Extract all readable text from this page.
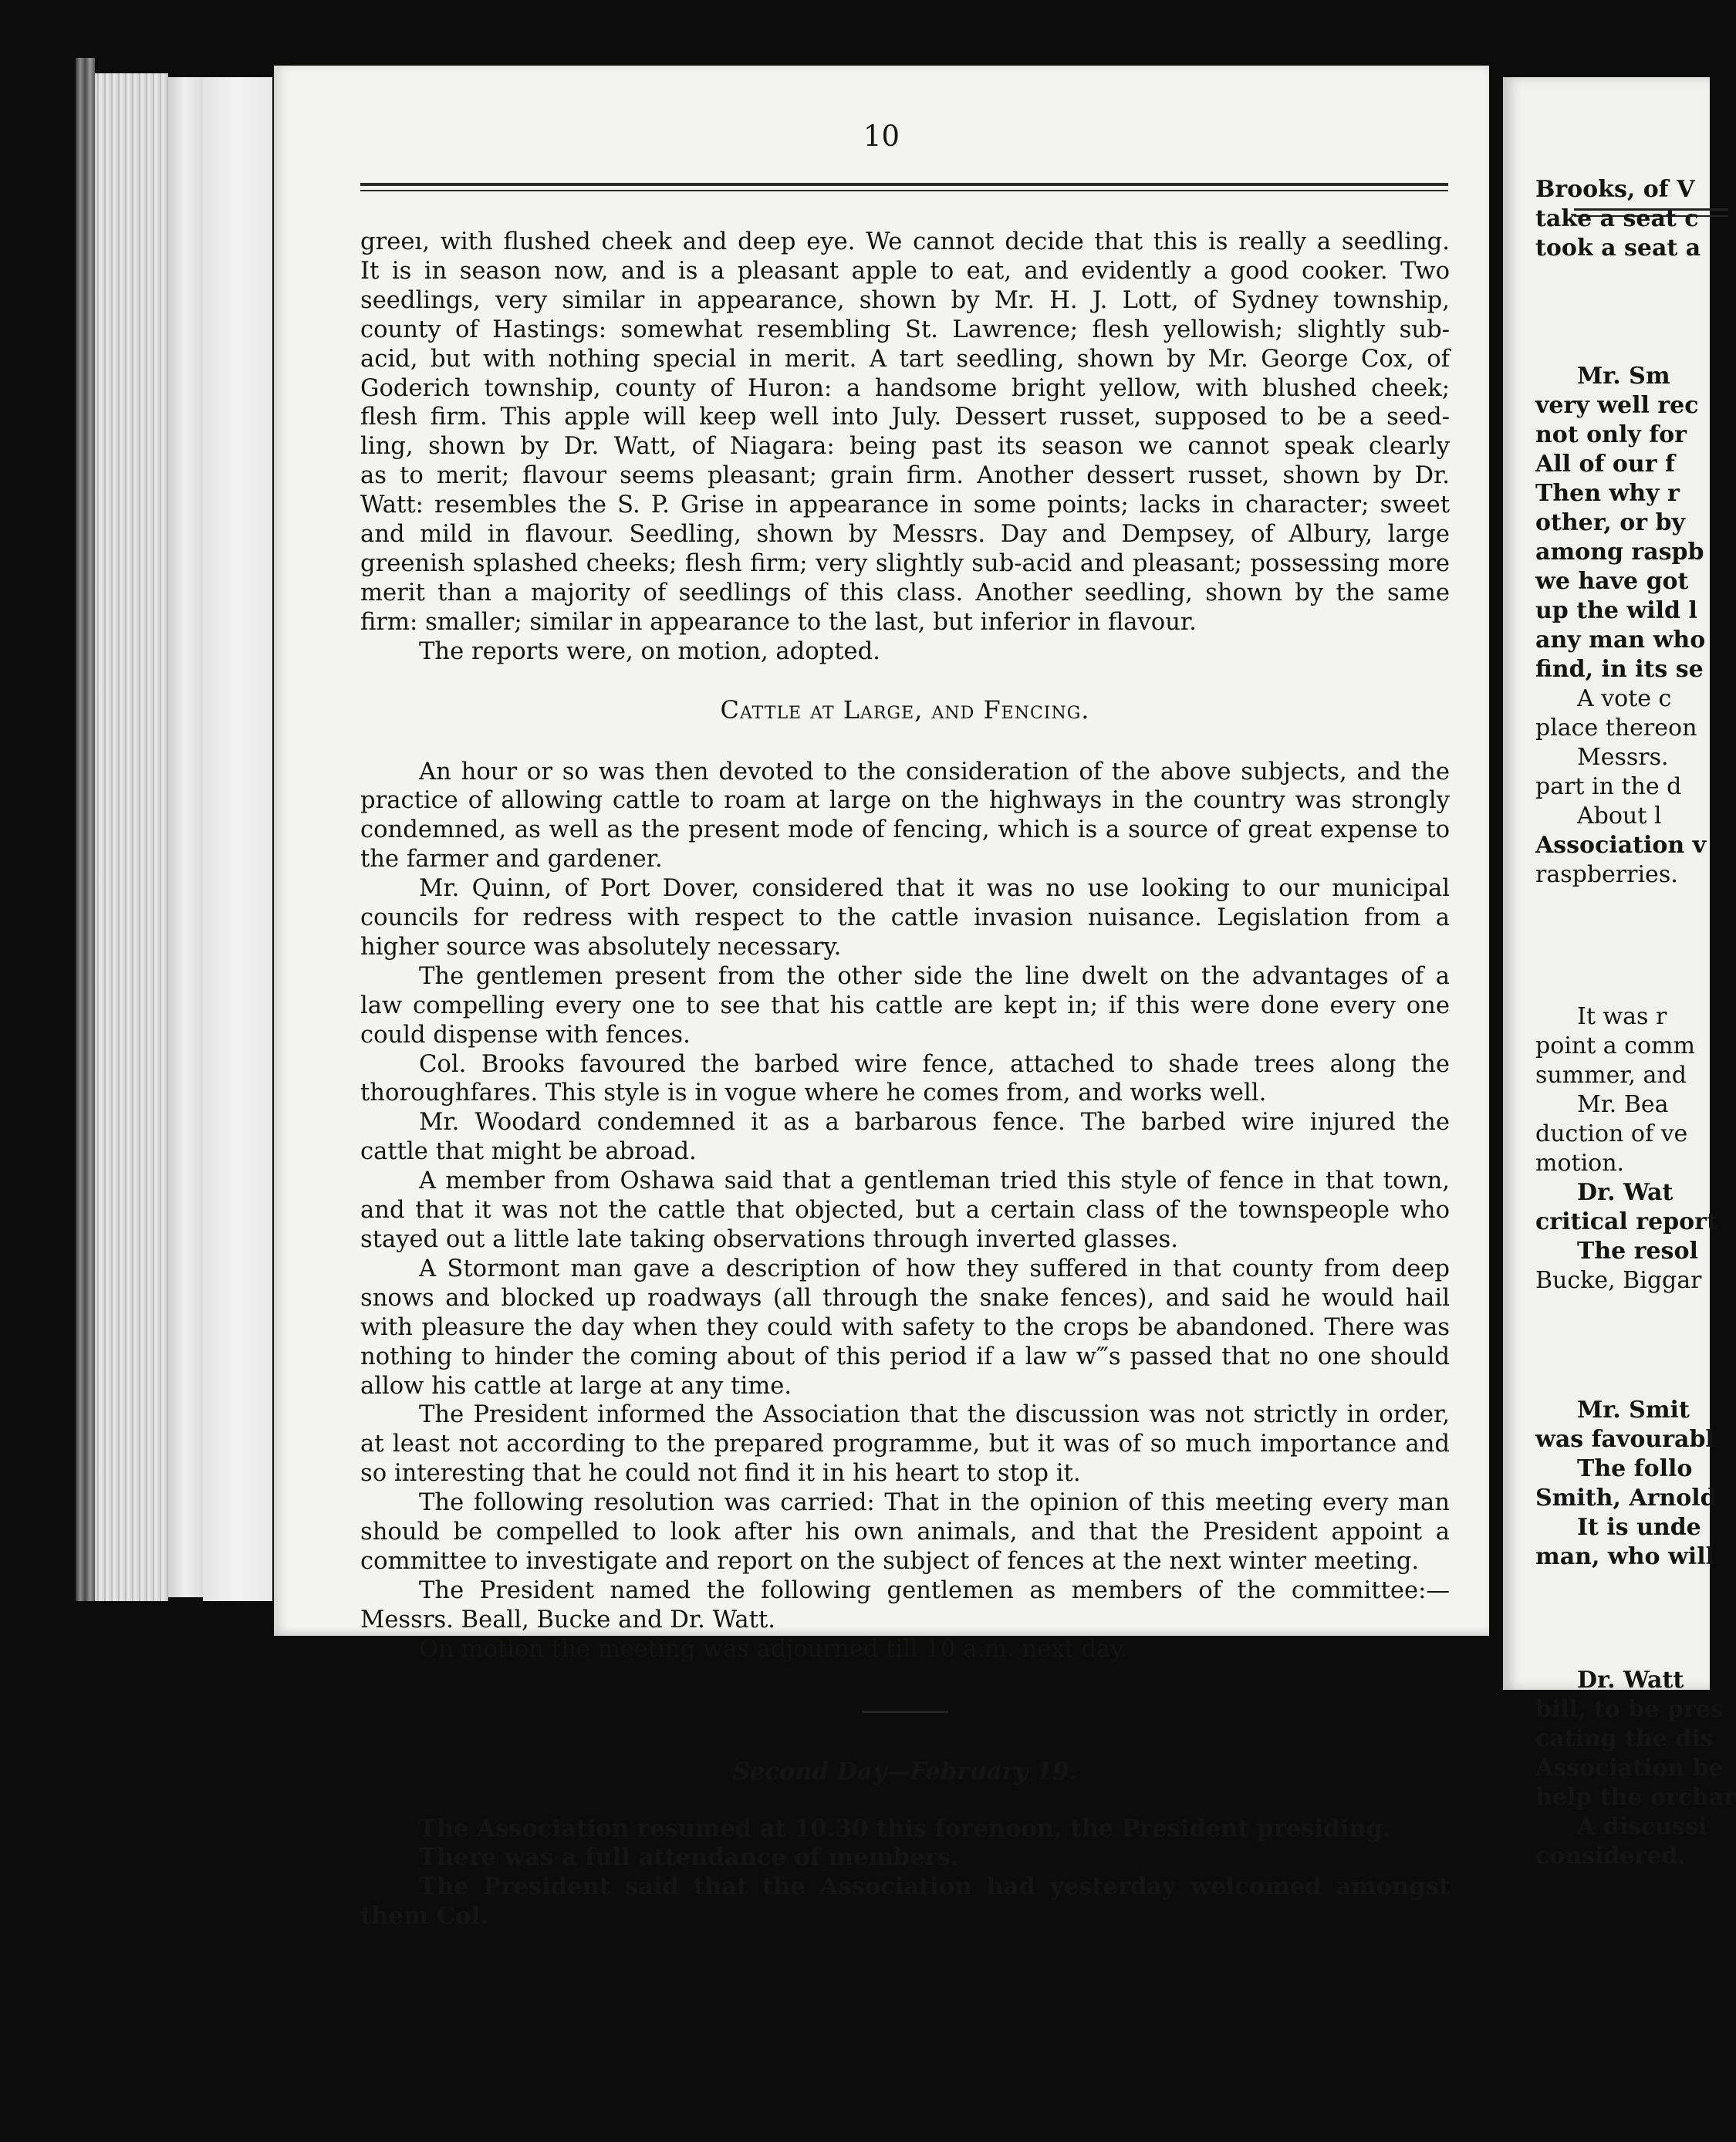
10

greeı, with flushed cheek and deep eye. We cannot decide that this is really a seedling.

It is in season now, and is a pleasant apple to eat, and evidently a good cooker. Two

seedlings, very similar in appearance, shown by Mr. H. J. Lott, of Sydney township,

county of Hastings: somewhat resembling St. Lawrence; flesh yellowish; slightly sub-

acid, but with nothing special in merit. A tart seedling, shown by Mr. George Cox, of

Goderich township, county of Huron: a handsome bright yellow, with blushed cheek;

flesh firm. This apple will keep well into July. Dessert russet, supposed to be a seed-

ling, shown by Dr. Watt, of Niagara: being past its season we cannot speak clearly

as to merit; flavour seems pleasant; grain firm. Another dessert russet, shown by Dr.

Watt: resembles the S. P. Grise in appearance in some points; lacks in character; sweet

and mild in flavour. Seedling, shown by Messrs. Day and Dempsey, of Albury, large

greenish splashed cheeks; flesh firm; very slightly sub-acid and pleasant; possessing more

merit than a majority of seedlings of this class. Another seedling, shown by the same

firm: smaller; similar in appearance to the last, but inferior in flavour.

The reports were, on motion, adopted.

Cattle at Large, and Fencing.

An hour or so was then devoted to the consideration of the above subjects, and the

practice of allowing cattle to roam at large on the highways in the country was strongly

condemned, as well as the present mode of fencing, which is a source of great expense to

the farmer and gardener.

Mr. Quinn, of Port Dover, considered that it was no use looking to our municipal

councils for redress with respect to the cattle invasion nuisance. Legislation from a

higher source was absolutely necessary.

The gentlemen present from the other side the line dwelt on the advantages of a

law compelling every one to see that his cattle are kept in; if this were done every one

could dispense with fences.

Col. Brooks favoured the barbed wire fence, attached to shade trees along the

thoroughfares. This style is in vogue where he comes from, and works well.

Mr. Woodard condemned it as a barbarous fence. The barbed wire injured the

cattle that might be abroad.

A member from Oshawa said that a gentleman tried this style of fence in that town,

and that it was not the cattle that objected, but a certain class of the townspeople who

stayed out a little late taking observations through inverted glasses.

A Stormont man gave a description of how they suffered in that county from deep

snows and blocked up roadways (all through the snake fences), and said he would hail

with pleasure the day when they could with safety to the crops be abandoned. There was

nothing to hinder the coming about of this period if a law w‴s passed that no one should

allow his cattle at large at any time.

The President informed the Association that the discussion was not strictly in order,

at least not according to the prepared programme, but it was of so much importance and

so interesting that he could not find it in his heart to stop it.

The following resolution was carried: That in the opinion of this meeting every man

should be compelled to look after his own animals, and that the President appoint a

committee to investigate and report on the subject of fences at the next winter meeting.

The President named the following gentlemen as members of the committee:—

Messrs. Beall, Bucke and Dr. Watt.

On motion the meeting was adjourned till 10 a.m. next day.

Second Day—February 19.

The Association resumed at 10.30 this forenoon, the President presiding.

There was a full attendance of members.

The President said that the Association had yesterday welcomed amongst them Col.

Brooks, of V
take a seat c
took a seat a
Mr. Sm
very well rec
not only for
All of our f
Then why r
other, or by
among raspb
we have got
up the wild l
any man who
find, in its se
A vote c
place thereon
Messrs.
part in the d
About l
Association v
raspberries.
It was r
point a comm
summer, and
Mr. Bea
duction of ve
motion.
Dr. Wat
critical report
The resol
Bucke, Biggar
Mr. Smit
was favourabl
The follo
Smith, Arnold
It is unde
man, who will
Dr. Watt
bill, to be pres
cating the dis
Association be
help the orchar
A discussi
considered.
